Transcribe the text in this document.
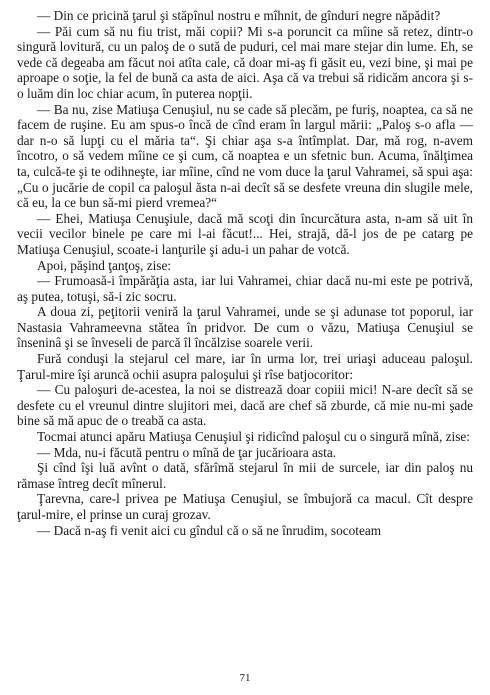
— Din ce pricină ţarul şi stăpînul nostru e mîhnit, de gînduri negre năpădit?

— Păi cum să nu fiu trist, măi copii? Mi s-a poruncit ca mîine să retez, dintr-o singură lovitură, cu un paloş de o sută de puduri, cel mai mare stejar din lume. Eh, se vede că degeaba am făcut noi atîta cale, că doar mi-aş fi găsit eu, vezi bine, şi mai pe aproape o soţie, la fel de bună ca asta de aici. Aşa că va trebui să ridicăm ancora şi s-o luăm din loc chiar acum, în puterea nopţii.

— Ba nu, zise Matiuşa Cenuşiul, nu se cade să plecăm, pe furiş, noaptea, ca să ne facem de ruşine. Eu am spus-o încă de cînd eram în largul mării: „Paloş s-o afla — dar n-o să lupţi cu el măria ta“. Şi chiar aşa s-a întîmplat. Dar, mă rog, n-avem încotro, o să vedem mîine ce şi cum, că noaptea e un sfetnic bun. Acuma, înălţimea ta, culcă-te şi te odihneşte, iar mîine, cînd ne vom duce la ţarul Vahramei, să spui aşa: „Cu o jucărie de copil ca paloşul ăsta n-ai decît să se desfete vreuna din slugile mele, că eu, la ce bun să-mi pierd vremea?“

— Ehei, Matiuşa Cenuşiule, dacă mă scoţi din încurcătura asta, n-am să uit în vecii vecilor binele pe care mi l-ai făcut!... Hei, strajă, dă-l jos de pe catarg pe Matiuşa Cenuşiul, scoate-i lanţurile şi adu-i un pahar de votcă.

Apoi, păşind ţanţoş, zise:

— Frumoasă-i împărăţia asta, iar lui Vahramei, chiar dacă nu-mi este pe potrivă, aş putea, totuşi, să-i zic socru.

A doua zi, peţitorii veniră la ţarul Vahramei, unde se şi adunase tot poporul, iar Nastasia Vahrameevna stătea în pridvor. De cum o văzu, Matiuşa Cenuşiul se înseninâ şi se înveseli de parcă îl încălzise soarele verii.

Fură conduşi la stejarul cel mare, iar în urma lor, trei uriaşi aduceau paloşul. Ţarul-mire îşi aruncă ochii asupra paloşului şi rîse batjocoritor:

— Cu paloşuri de-acestea, la noi se distrează doar copiii mici! N-are decît să se desfete cu el vreunul dintre slujitori mei, dacă are chef să zburde, că mie nu-mi şade bine să mă apuc de o treabă ca asta.

Tocmai atunci apăru Matiuşa Cenuşiul şi ridicînd paloşul cu o singură mînă, zise:

— Mda, nu-i făcută pentru o mînă de ţar jucărioara asta.

Şi cînd îşi luă avînt o dată, sfărîmă stejarul în mii de surcele, iar din paloş nu rămase întreg decît mînerul.

Ţarevna, care-l privea pe Matiuşa Cenuşiul, se îmbujoră ca macul. Cît despre ţarul-mire, el prinse un curaj grozav.

— Dacă n-aş fi venit aici cu gîndul că o să ne înrudim, socoteam

71
